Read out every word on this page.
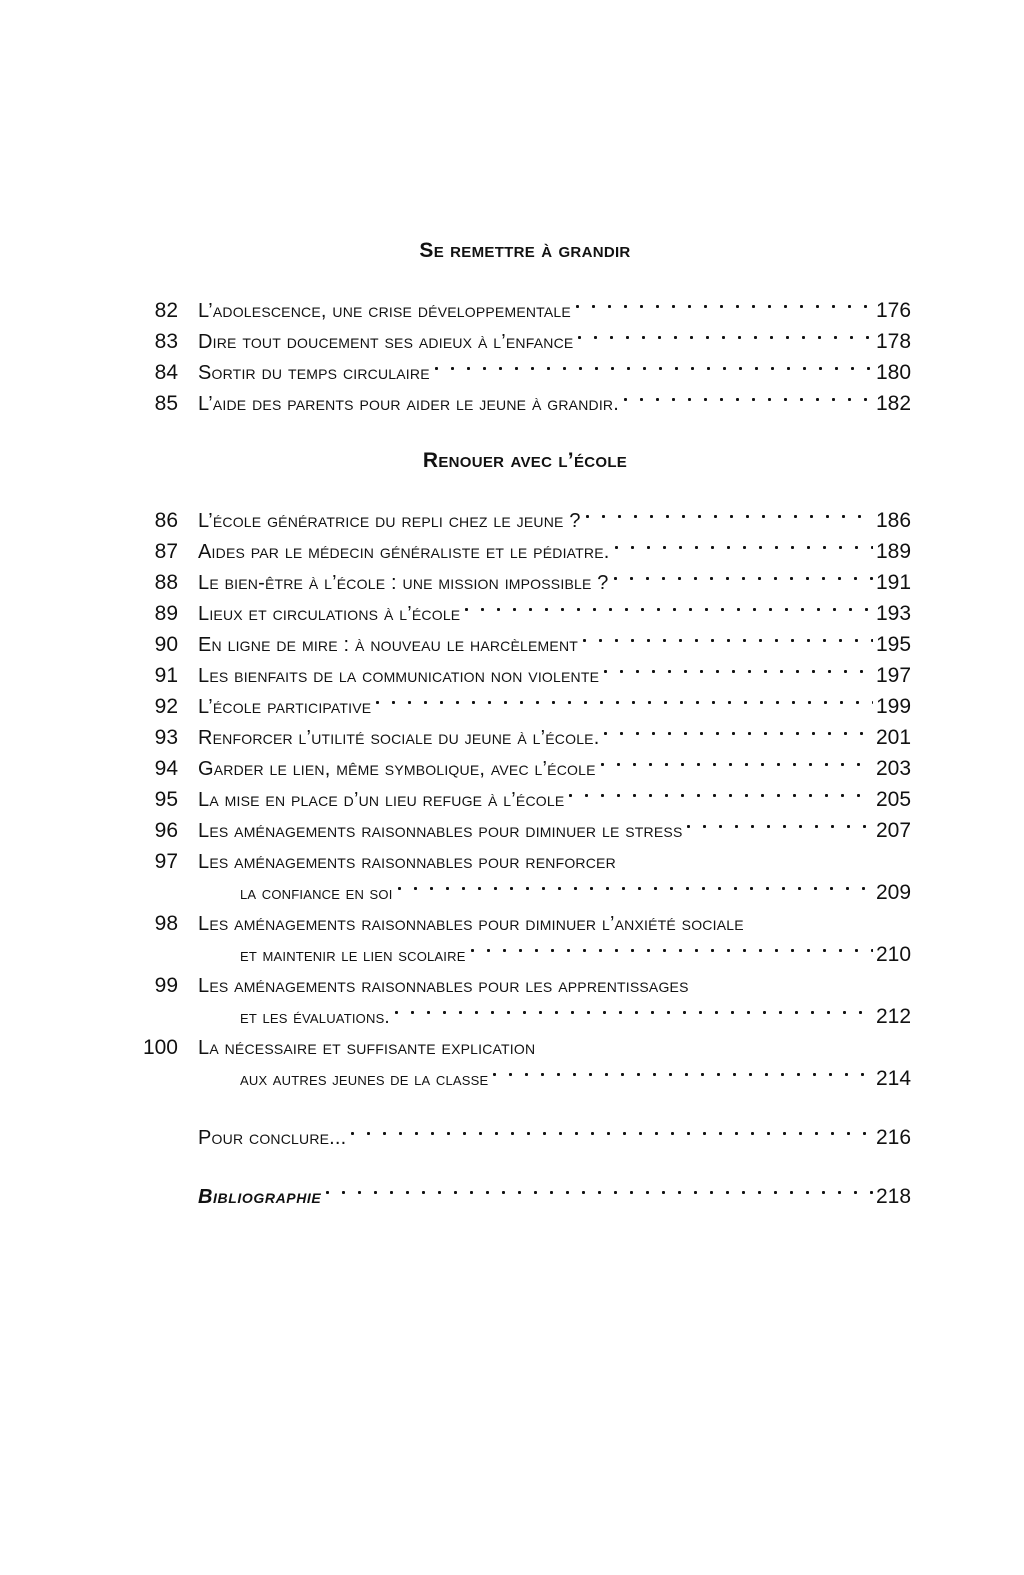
Se remettre à grandir
82 L’adolescence, une crise développementale	176
83 Dire tout doucement ses adieux à l’enfance	178
84 Sortir du temps circulaire	180
85 L’aide des parents pour aider le jeune à grandir.	182
Renouer avec l’école
86 L’école génératrice du repli chez le jeune ?	186
87 Aides par le médecin généraliste et le pédiatre.	189
88 Le bien-être à l’école : une mission impossible ?	191
89 Lieux et circulations à l’école	193
90 En ligne de mire : à nouveau le harcèlement	195
91 Les bienfaits de la communication non violente	197
92 L’école participative	199
93 Renforcer l’utilité sociale du jeune à l’école.	201
94 Garder le lien, même symbolique, avec l’école	203
95 La mise en place d’un lieu refuge à l’école	205
96 Les aménagements raisonnables pour diminuer le stress	207
97 Les aménagements raisonnables pour renforcer
la confiance en soi	209
98 Les aménagements raisonnables pour diminuer l’anxiété sociale
et maintenir le lien scolaire	210
99 Les aménagements raisonnables pour les apprentissages
et les évaluations.	212
100 La nécessaire et suffisante explication
aux autres jeunes de la classe	214
Pour conclure...	216
Bibliographie	218
